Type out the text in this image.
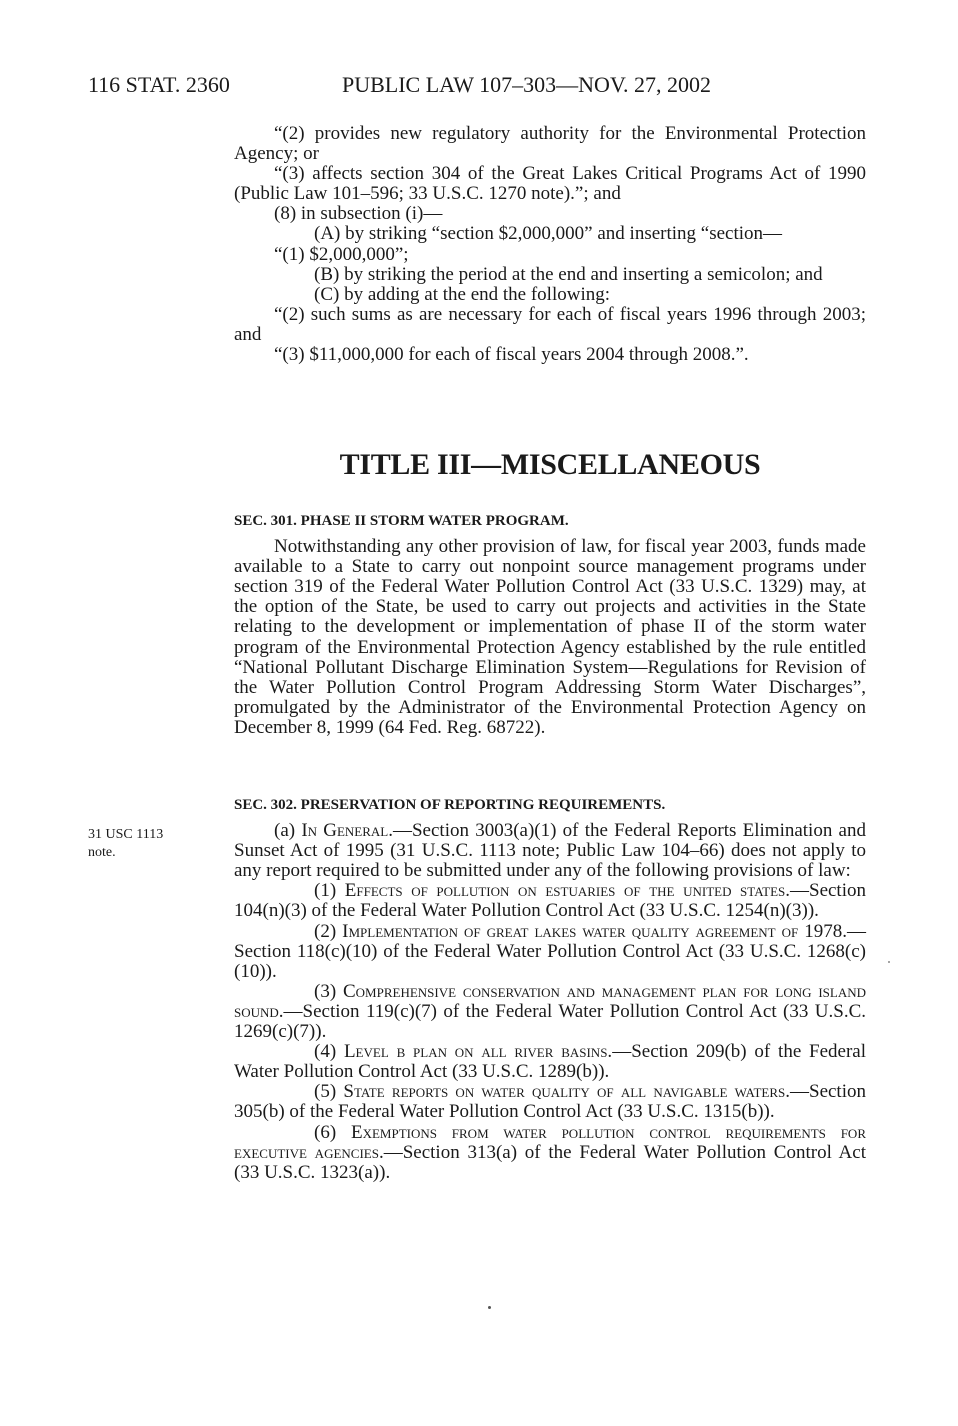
116 STAT. 2360	PUBLIC LAW 107–303—NOV. 27, 2002

“(2) provides new regulatory authority for the Environmental Protection Agency; or

“(3) affects section 304 of the Great Lakes Critical Programs Act of 1990 (Public Law 101–596; 33 U.S.C. 1270 note).”; and

(8) in subsection (i)—

(A) by striking “section $2,000,000” and inserting “section—

“(1) $2,000,000”;

(B) by striking the period at the end and inserting a semicolon; and

(C) by adding at the end the following:

“(2) such sums as are necessary for each of fiscal years 1996 through 2003; and

“(3) $11,000,000 for each of fiscal years 2004 through 2008.”.

TITLE III—MISCELLANEOUS

SEC. 301. PHASE II STORM WATER PROGRAM.

Notwithstanding any other provision of law, for fiscal year 2003, funds made available to a State to carry out nonpoint source management programs under section 319 of the Federal Water Pollution Control Act (33 U.S.C. 1329) may, at the option of the State, be used to carry out projects and activities in the State relating to the development or implementation of phase II of the storm water program of the Environmental Protection Agency established by the rule entitled “National Pollutant Discharge Elimination System—Regulations for Revision of the Water Pollution Control Program Addressing Storm Water Discharges”, promulgated by the Administrator of the Environmental Protection Agency on December 8, 1999 (64 Fed. Reg. 68722).

31 USC 1113
note.

SEC. 302. PRESERVATION OF REPORTING REQUIREMENTS.

(a) In General.—Section 3003(a)(1) of the Federal Reports Elimination and Sunset Act of 1995 (31 U.S.C. 1113 note; Public Law 104–66) does not apply to any report required to be submitted under any of the following provisions of law:

(1) Effects of pollution on estuaries of the united states.—Section 104(n)(3) of the Federal Water Pollution Control Act (33 U.S.C. 1254(n)(3)).

(2) Implementation of great lakes water quality agreement of 1978.—Section 118(c)(10) of the Federal Water Pollution Control Act (33 U.S.C. 1268(c)(10)).

(3) Comprehensive conservation and management plan for long island sound.—Section 119(c)(7) of the Federal Water Pollution Control Act (33 U.S.C. 1269(c)(7)).

(4) Level b plan on all river basins.—Section 209(b) of the Federal Water Pollution Control Act (33 U.S.C. 1289(b)).

(5) State reports on water quality of all navigable waters.—Section 305(b) of the Federal Water Pollution Control Act (33 U.S.C. 1315(b)).

(6) Exemptions from water pollution control requirements for executive agencies.—Section 313(a) of the Federal Water Pollution Control Act (33 U.S.C. 1323(a)).
